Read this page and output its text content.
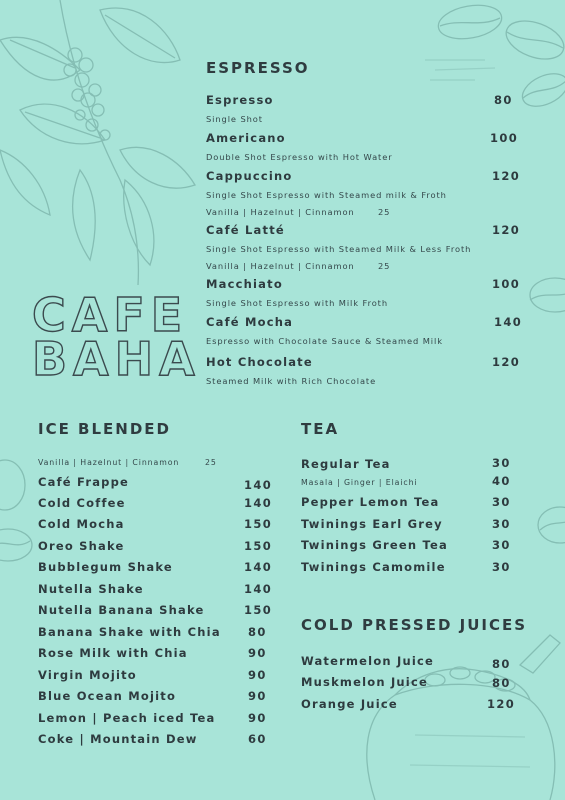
CAFE
BAHA
ESPRESSO
Espresso	80
Single Shot
Americano	100
Double Shot Espresso with Hot Water
Cappuccino	120
Single Shot Espresso with Steamed milk & Froth
Vanilla | Hazelnut | Cinnamon	25
Café Latté	120
Single Shot Espresso with Steamed Milk & Less Froth
Vanilla | Hazelnut | Cinnamon	25
Macchiato	100
Single Shot Espresso with Milk Froth
Café Mocha	140
Espresso with Chocolate Sauce & Steamed Milk
Hot Chocolate	120
Steamed Milk with Rich Chocolate
ICE BLENDED
Vanilla | Hazelnut | Cinnamon	25
Café Frappe	140
Cold Coffee	140
Cold Mocha	150
Oreo Shake	150
Bubblegum Shake	140
Nutella Shake	140
Nutella Banana Shake	150
Banana Shake with Chia 80
Rose Milk with Chia	90
Virgin Mojito	90
Blue Ocean Mojito	90
Lemon | Peach iced Tea	90
Coke | Mountain Dew	60
TEA
Regular Tea	30
Masala | Ginger | Elaichi	40
Pepper Lemon Tea	30
Twinings Earl Grey	30
Twinings Green Tea	30
Twinings Camomile	30
COLD PRESSED JUICES
Watermelon Juice	80
Muskmelon Juice	80
Orange Juice	120
